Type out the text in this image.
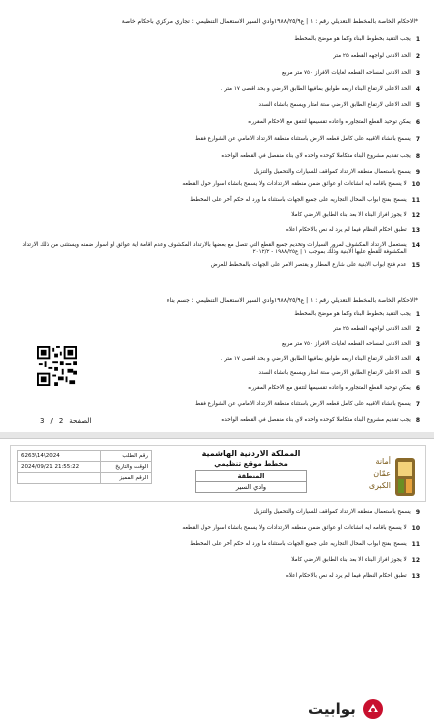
*الاحكام الخاصة بالمخطط التعديلي رقم : ١ | ع١٩٨٨/٢٥/٩وادي السير الاستعمال التنظيمي : تجاري مركزي باحكام خاصة
1
يجب التقيد بخطوط البناء وكما هو موضح بالمخطط
2
الحد الادنى لواجهه القطعه ٢٥ متر
3
الحد الادنى لمساحه القطعه لغايات الافراز ٧٥٠ متر مربع
4
الحد الاعلى لارتفاع البناء اربعه طوابق بمافيها الطابق الارضي و بحد اقصى ١٧ متر .
5
الحد الاعلى لارتفاع الطابق الارضي ستة امتار ويسمح بانشاء السدد
6
يمكن توحيد القطع المتجاوره واعاده تقسيمها لتتفق مع الاحكام المقرره
7
يسمح بانشاء الاقبيه على كامل قطعه الارض باستثناء منطقة الارتداد الامامي عن الشوارع فقط
8
يجب تقديم مشروع البناء متكاملا كوحده واحده لاي بناء منفصل في القطعه الواحده
9
يسمح باستعمال منطقه الارتداد كمواقف للسيارات والتحميل والتنزيل
10
لا يسمح باقامه ايه انشاءات او عوائق ضمن منطقه الارتدادات ولا يسمح بانشاء اسوار حول القطعه
11
يسمح بفتح ابواب المحال التجاريه على جميع الجهات باستثناء ما ورد له حكم آخر على المخطط
12
لا يجوز افراز البناء الا بعد بناء الطابق الارضي كاملا
13
تطبق احكام النظام فيما لم يرد له نص بالاحكام اعلاه
14
يستعمل الارتداد المكشوف لمرور السيارات وتخديم جميع القطع التي تتصل مع بعضها بالارتداد المكشوف وعدم اقامة اية عوائق او اسوار ضمنه ويستثنى من ذلك الارتداد المكشوفة للقطع عليها الابنية وذلك بموجب ١ | ع١٩٨٨/٢٥ - ٢٠١٢/٢
15
عدم فتح ابواب الابنية على شارع المطار و يقتصر الامر على الجهات بالمخطط للعرض
*الاحكام الخاصة بالمخطط التعديلي رقم : ١ | ع١٩٨٨/٢٥/٩وادي السير الاستعمال التنظيمي : جسم بناء
1
يجب التقيد بخطوط البناء وكما هو موضح بالمخطط
2
الحد الادنى لواجهه القطعه ٢٥ متر
3
الحد الادنى لمساحه القطعه لغايات الافراز ٧٥٠ متر مربع
4
الحد الاعلى لارتفاع البناء اربعه طوابق بمافيها الطابق الارضي و بحد اقصى ١٧ متر .
5
الحد الاعلى لارتفاع الطابق الارضي ستة امتار ويسمح بانشاء السدد
6
يمكن توحيد القطع المتجاوره واعاده تقسيمها لتتفق مع الاحكام المقرره
7
يسمح بانشاء الاقبيه على كامل قطعه الارض باستثناء منطقة الارتداد الامامي عن الشوارع فقط
8
يجب تقديم مشروع البناء متكاملا كوحده واحده لاي بناء منفصل في القطعه الواحده
الصفحة
2
/
3
6263\14\2024	رقم الطلب
2024/09/21 21:55:22	الوقت والتاريخ
	الرقم المميز
المملكة الاردنية الهاشمية
مخطط موقع تنظيمي
المنطقة
وادي السير
أمانة
عمّان
الكبرى
9
يسمح باستعمال منطقه الارتداد كمواقف للسيارات والتحميل والتنزيل
10
لا يسمح باقامه ايه انشاءات او عوائق ضمن منطقه الارتدادات ولا يسمح بانشاء اسوار حول القطعه
11
يسمح بفتح ابواب المحال التجاريه على جميع الجهات باستثناء ما ورد له حكم آخر على المخطط
12
لا يجوز افراز البناء الا بعد بناء الطابق الارضي كاملا
13
تطبق احكام النظام فيما لم يرد له نص بالاحكام اعلاه
بوابيت
